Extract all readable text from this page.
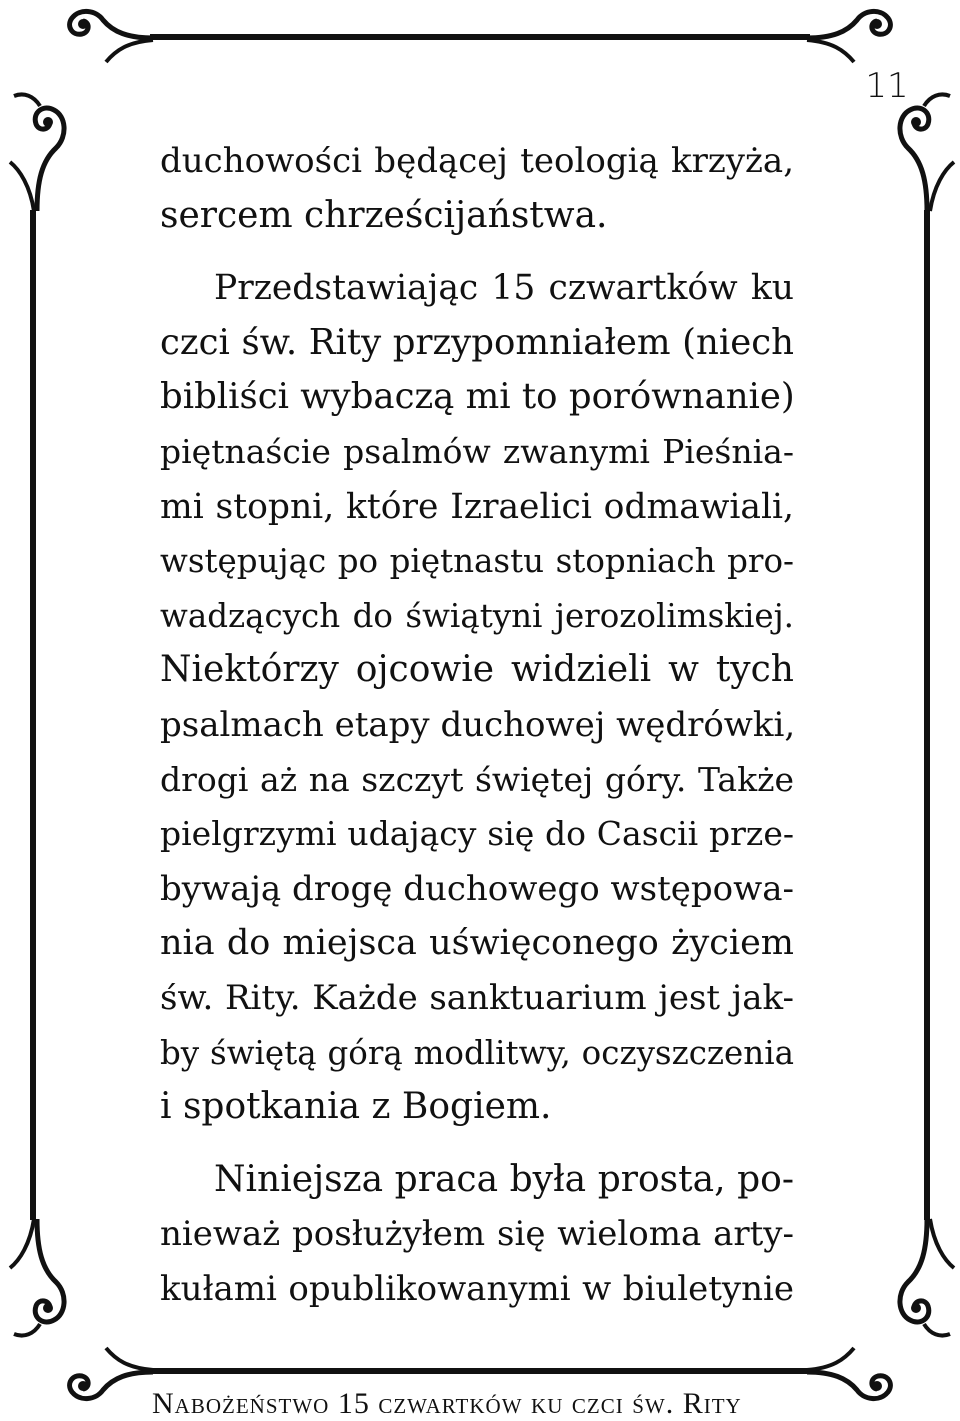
11
duchowości będącej teologią krzyża,
sercem chrześcijaństwa.
Przedstawiając 15 czwartków ku
czci św. Rity przypomniałem (niech
bibliści wybaczą mi to porównanie)
piętnaście psalmów zwanymi Pieśnia-
mi stopni, które Izraelici odmawiali,
wstępując po piętnastu stopniach pro-
wadzących do świątyni jerozolimskiej.
Niektórzy ojcowie widzieli w tych
psalmach etapy duchowej wędrówki,
drogi aż na szczyt świętej góry. Także
pielgrzymi udający się do Cascii prze-
bywają drogę duchowego wstępowa-
nia do miejsca uświęconego życiem
św. Rity. Każde sanktuarium jest jak-
by świętą górą modlitwy, oczyszczenia
i spotkania z Bogiem.
Niniejsza praca była prosta, po-
nieważ posłużyłem się wieloma arty-
kułami opublikowanymi w biuletynie
Nabożeństwo 15 czwartków ku czci św. Rity
